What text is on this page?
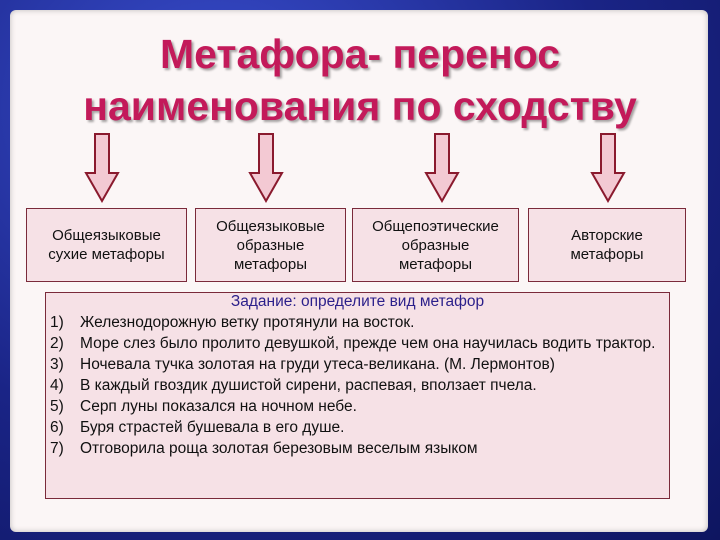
Метафора- перенос
наименования по сходству
Общеязыковые
сухие метафоры
Общеязыковые
образные
метафоры
Общепоэтические
образные
метафоры
Авторские
метафоры
Задание: определите вид метафор
1)	Железнодорожную ветку протянули на восток.
2)	Море слез было пролито девушкой, прежде чем она научилась водить трактор.
3)	Ночевала тучка золотая на груди утеса-великана. (М. Лермонтов)
4)	В каждый гвоздик душистой сирени, распевая, вползает пчела.
5)	Серп луны показался на ночном небе.
6)	Буря страстей бушевала в его душе.
7)	Отговорила роща золотая березовым веселым языком
